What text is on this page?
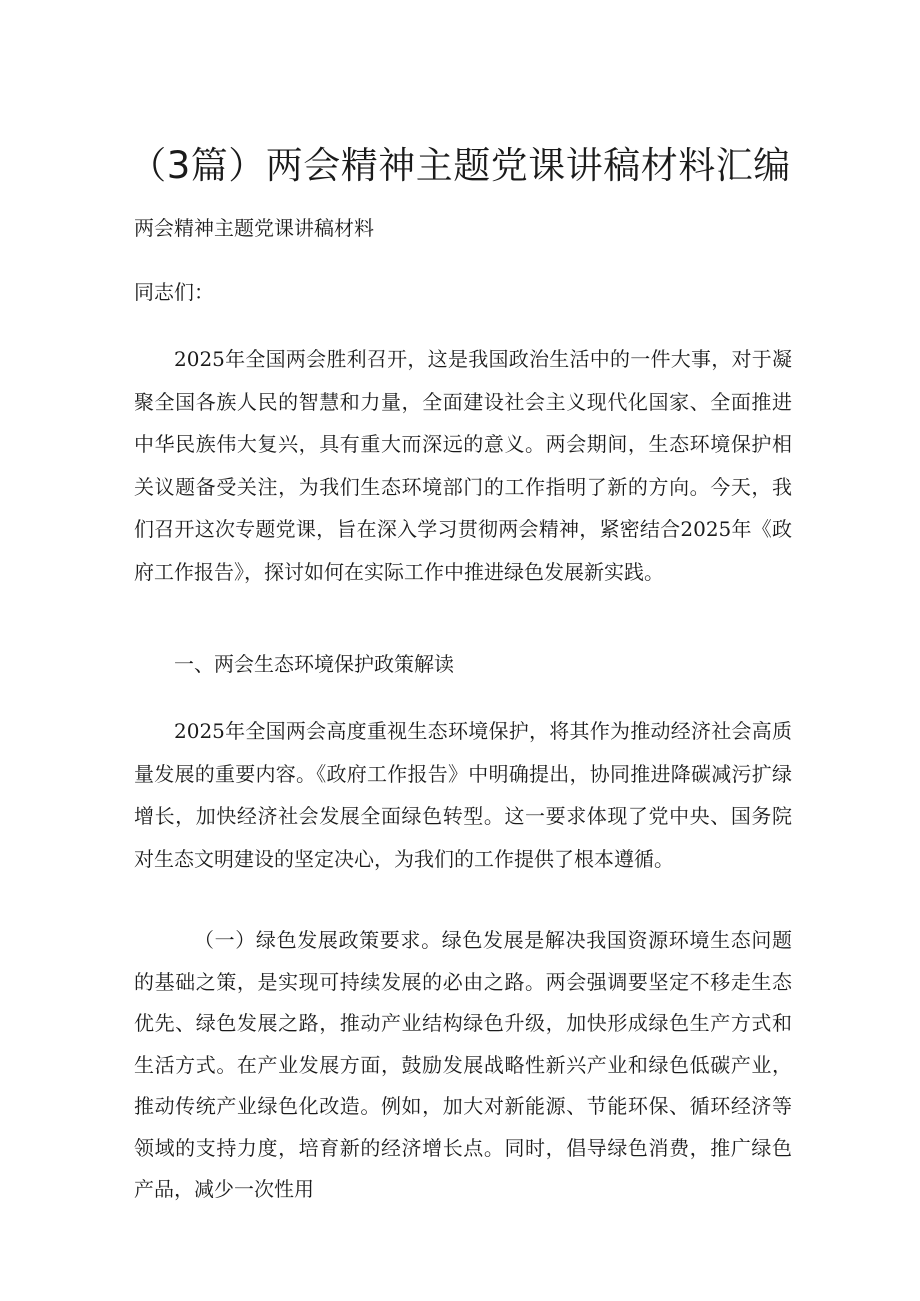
（3篇）两会精神主题党课讲稿材料汇编

两会精神主题党课讲稿材料

同志们：

2025年全国两会胜利召开，这是我国政治生活中的一件大事，对于凝聚全国各族人民的智慧和力量，全面建设社会主义现代化国家、全面推进中华民族伟大复兴，具有重大而深远的意义。两会期间，生态环境保护相关议题备受关注，为我们生态环境部门的工作指明了新的方向。今天，我们召开这次专题党课，旨在深入学习贯彻两会精神，紧密结合2025年《政府工作报告》，探讨如何在实际工作中推进绿色发展新实践。

一、两会生态环境保护政策解读

2025年全国两会高度重视生态环境保护，将其作为推动经济社会高质量发展的重要内容。《政府工作报告》中明确提出，协同推进降碳减污扩绿增长，加快经济社会发展全面绿色转型。这一要求体现了党中央、国务院对生态文明建设的坚定决心，为我们的工作提供了根本遵循。

（一）绿色发展政策要求。绿色发展是解决我国资源环境生态问题的基础之策，是实现可持续发展的必由之路。两会强调要坚定不移走生态优先、绿色发展之路，推动产业结构绿色升级，加快形成绿色生产方式和生活方式。在产业发展方面，鼓励发展战略性新兴产业和绿色低碳产业，推动传统产业绿色化改造。例如，加大对新能源、节能环保、循环经济等领域的支持力度，培育新的经济增长点。同时，倡导绿色消费，推广绿色产品，减少一次性用
